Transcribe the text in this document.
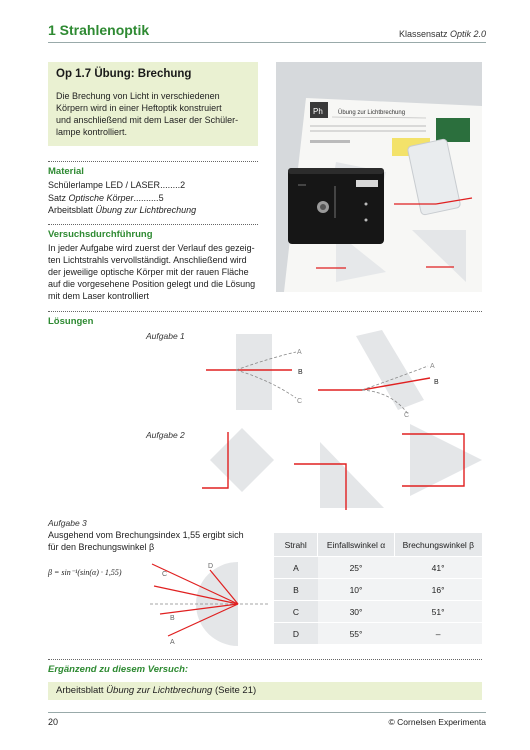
1 Strahlenoptik	Klassensatz Optik 2.0
Op 1.7 Übung: Brechung
Die Brechung von Licht in verschiedenen
Körpern wird in einer Heftoptik konstruiert
und anschließend mit dem Laser der Schüler-
lampe kontrolliert.
Ph	Übung zur Lichtbrechung
Material
Schülerlampe LED / LASER........2
Satz Optische Körper..........5
Arbeitsblatt Übung zur Lichtbrechung
Versuchsdurchführung
In jeder Aufgabe wird zuerst der Verlauf des gezeig-
ten Lichtstrahls vervollständigt. Anschließend wird
der jeweilige optische Körper mit der rauen Fläche
auf die vorgesehene Position gelegt und die Lösung
mit dem Laser kontrolliert
Lösungen
Aufgabe 1
A
B
C
A
B
C
Aufgabe 2
Aufgabe 3
Ausgehend vom Brechungsindex 1,55 ergibt sich
für den Brechungswinkel β
β = sin⁻¹(sin(α) · 1,55)	C
D
B
A
Strahl	Einfallswinkel α	Brechungswinkel β
A	25°	41°
B	10°	16°
C	30°	51°
D	55°	–
Ergänzend zu diesem Versuch:
Arbeitsblatt Übung zur Lichtbrechung (Seite 21)
20	© Cornelsen Experimenta
